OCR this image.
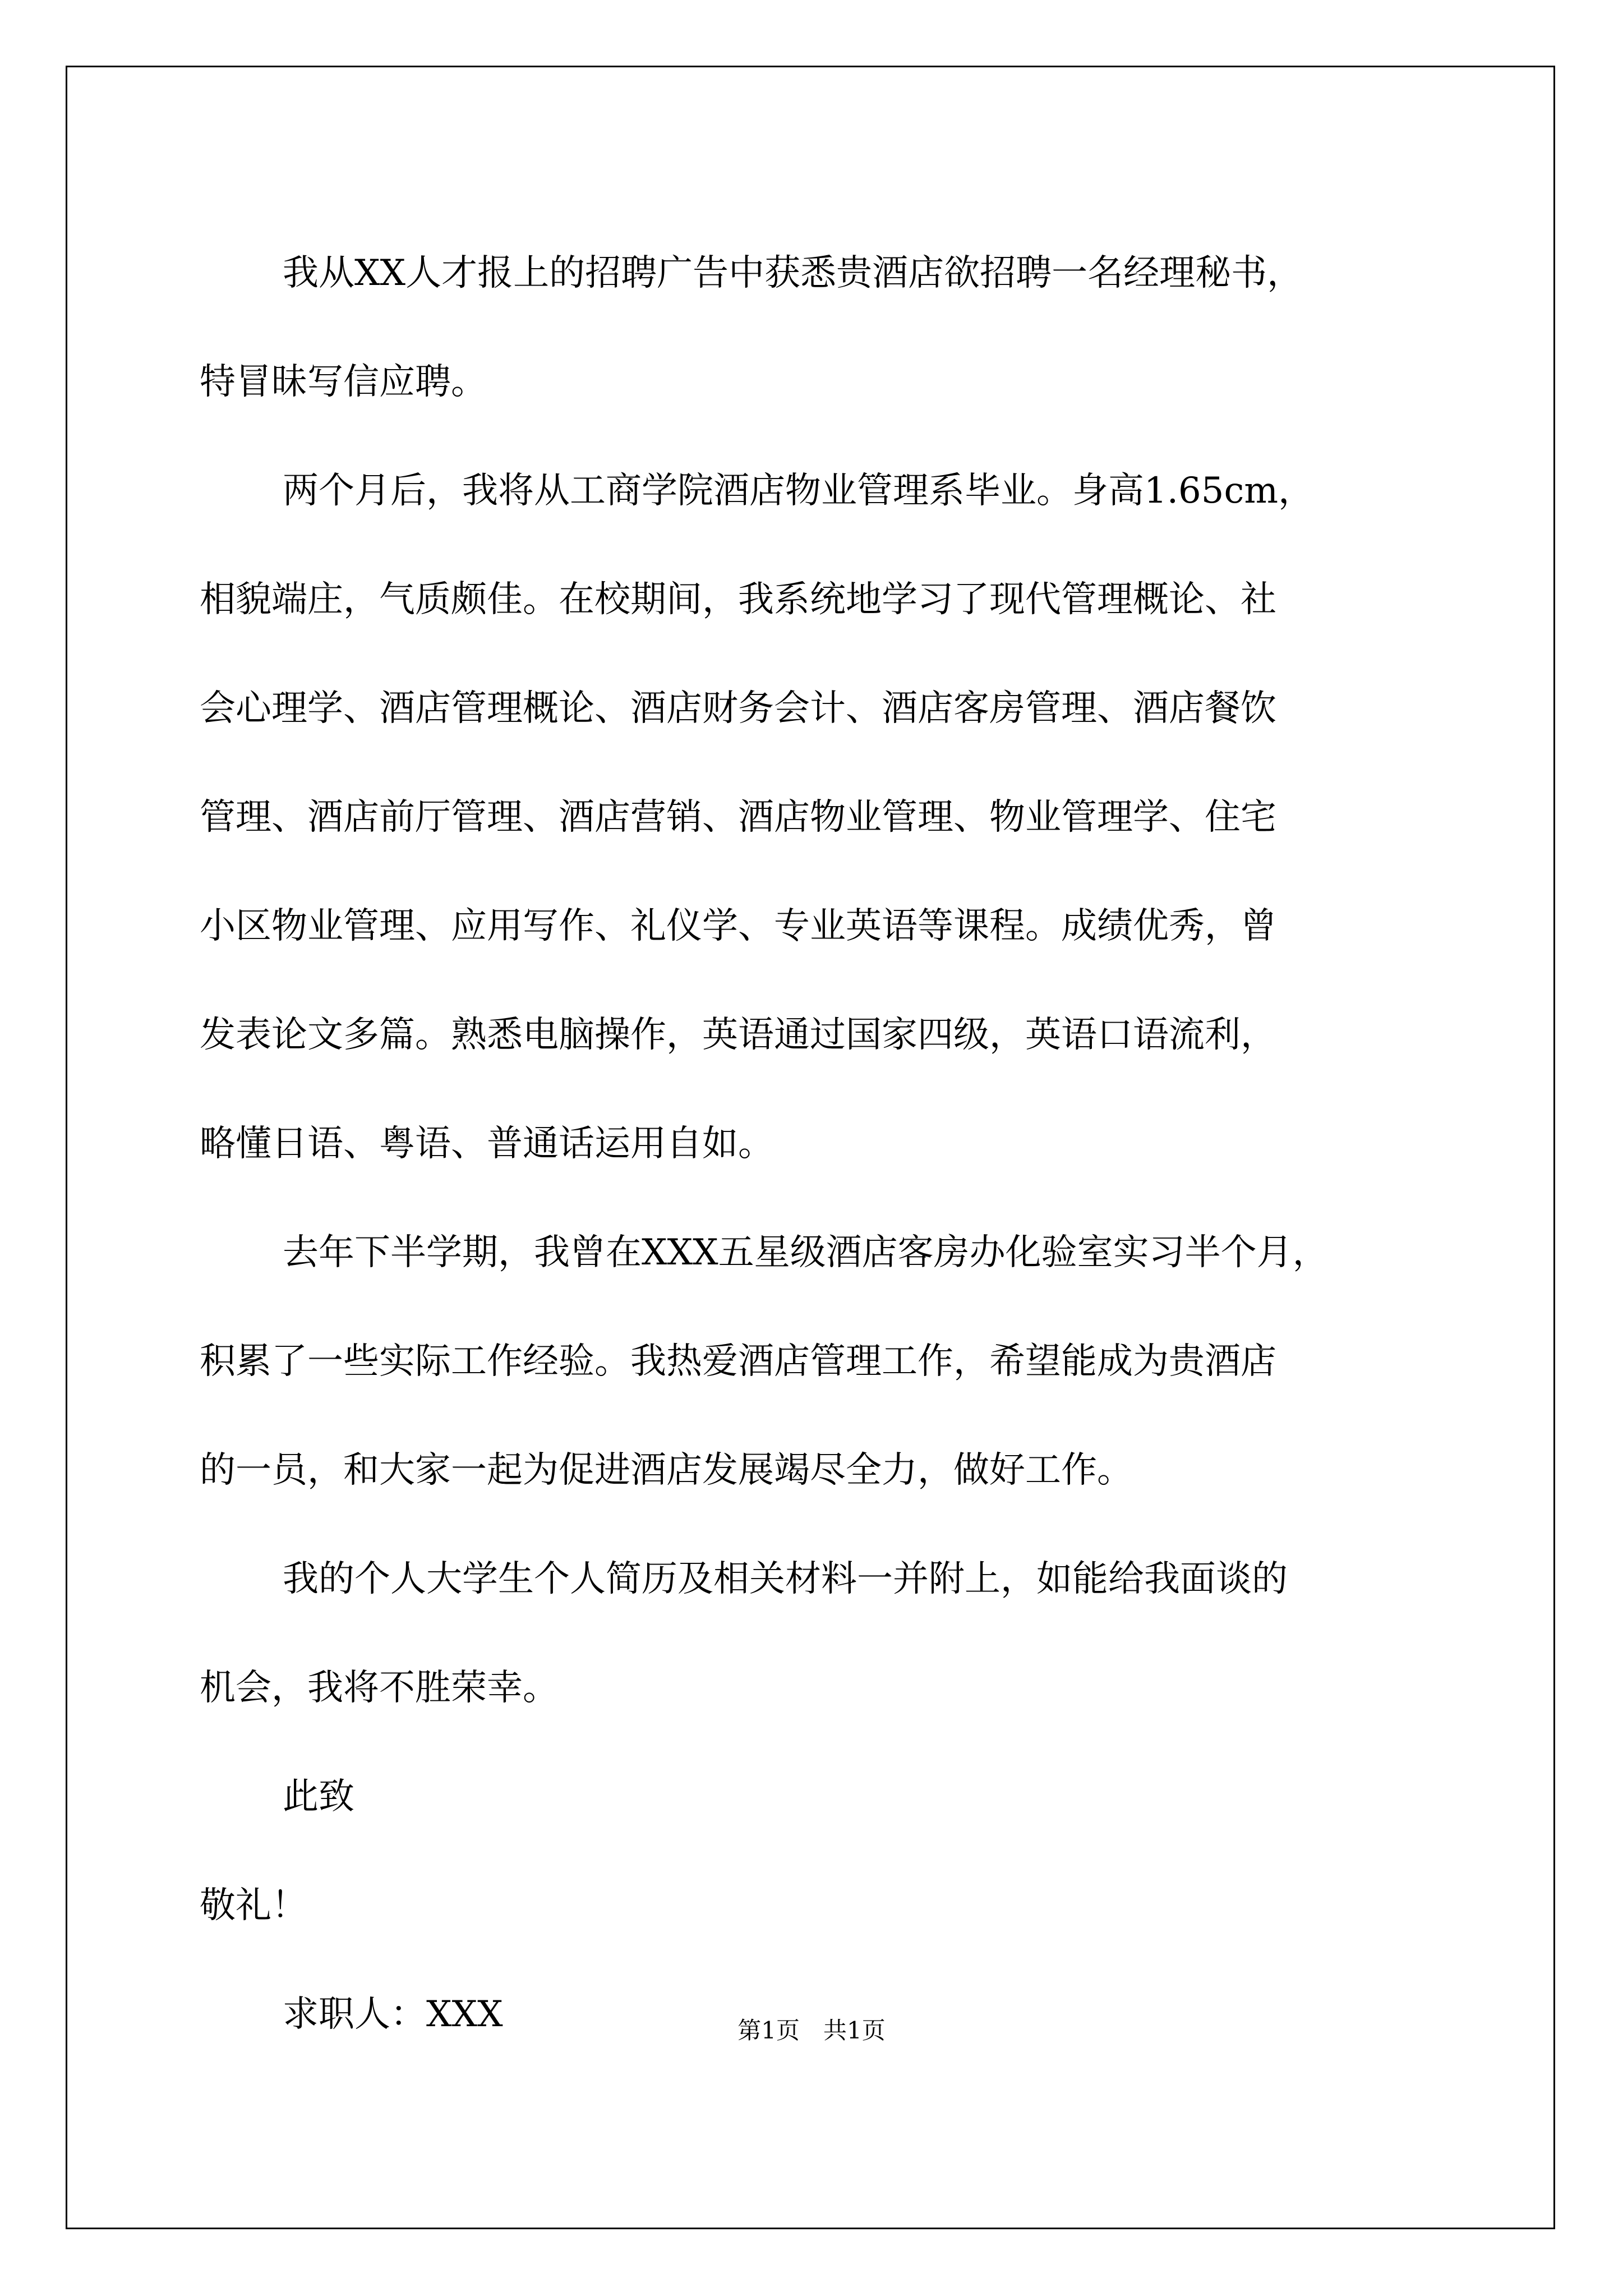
我从XX人才报上的招聘广告中获悉贵酒店欲招聘一名经理秘书，
特冒昧写信应聘。
两个月后，我将从工商学院酒店物业管理系毕业。身高1.65cm，
相貌端庄，气质颇佳。在校期间，我系统地学习了现代管理概论、社
会心理学、酒店管理概论、酒店财务会计、酒店客房管理、酒店餐饮
管理、酒店前厅管理、酒店营销、酒店物业管理、物业管理学、住宅
小区物业管理、应用写作、礼仪学、专业英语等课程。成绩优秀，曾
发表论文多篇。熟悉电脑操作，英语通过国家四级，英语口语流利，
略懂日语、粤语、普通话运用自如。
去年下半学期，我曾在XXX五星级酒店客房办化验室实习半个月，
积累了一些实际工作经验。我热爱酒店管理工作，希望能成为贵酒店
的一员，和大家一起为促进酒店发展竭尽全力，做好工作。
我的个人大学生个人简历及相关材料一并附上，如能给我面谈的
机会，我将不胜荣幸。
此致
敬礼！
求职人：XXX	第1页　共1页
